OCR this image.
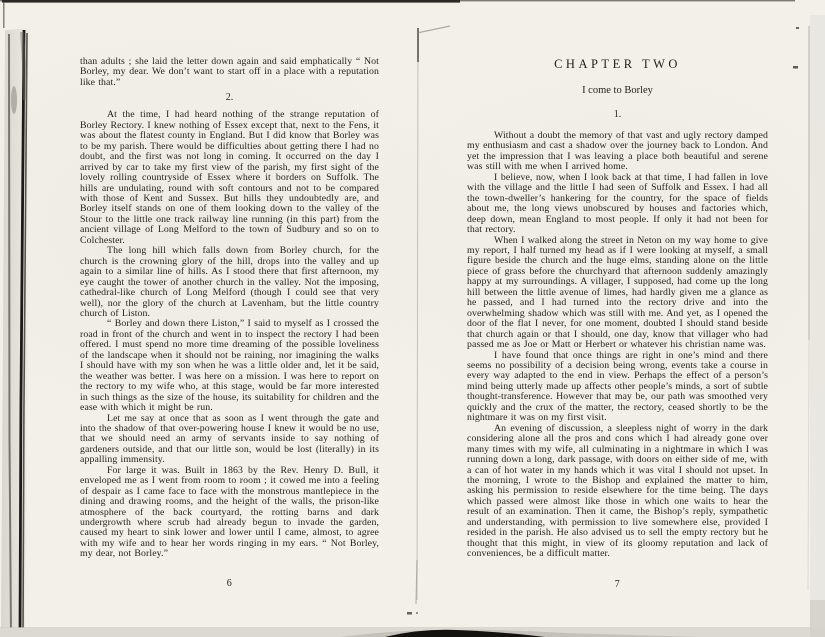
than adults ; she laid the letter down again and said emphatically “ Not Borley, my dear. We don’t want to start off in a place with a reputation like that.”

2.

At the time, I had heard nothing of the strange reputation of Borley Rectory. I knew nothing of Essex except that, next to the Fens, it was about the flatest county in England. But I did know that Borley was to be my parish. There would be difficulties about getting there I had no doubt, and the first was not long in coming. It occurred on the day I arrived by car to take my first view of the parish, my first sight of the lovely rolling countryside of Essex where it borders on Suffolk. The hills are undulating, round with soft contours and not to be compared with those of Kent and Sussex. But hills they undoubtedly are, and Borley itself stands on one of them looking down to the valley of the Stour to the little one track railway line running (in this part) from the ancient village of Long Melford to the town of Sudbury and so on to Colchester.

The long hill which falls down from Borley church, for the church is the crowning glory of the hill, drops into the valley and up again to a similar line of hills. As I stood there that first afternoon, my eye caught the tower of another church in the valley. Not the imposing, cathedral-like church of Long Melford (though I could see that very well), nor the glory of the church at Lavenham, but the little country church of Liston.

“ Borley and down there Liston,” I said to myself as I crossed the road in front of the church and went in to inspect the rectory I had been offered. I must spend no more time dreaming of the possible loveliness of the landscape when it should not be raining, nor imagining the walks I should have with my son when he was a little older and, let it be said, the weather was better. I was here on a mission. I was here to report on the rectory to my wife who, at this stage, would be far more interested in such things as the size of the house, its suitability for children and the ease with which it might be run.

Let me say at once that as soon as I went through the gate and into the shadow of that over-powering house I knew it would be no use, that we should need an army of servants inside to say nothing of gardeners outside, and that our little son, would be lost (literally) in its appalling immensity.

For large it was. Built in 1863 by the Rev. Henry D. Bull, it enveloped me as I went from room to room ; it cowed me into a feeling of despair as I came face to face with the monstrous mantlepiece in the dining and drawing rooms, and the height of the walls, the prison-like atmosphere of the back courtyard, the rotting barns and dark undergrowth where scrub had already begun to invade the garden, caused my heart to sink lower and lower until I came, almost, to agree with my wife and to hear her words ringing in my ears. “ Not Borley, my dear, not Borley.”

6
CHAPTER TWO
I come to Borley
1.

Without a doubt the memory of that vast and ugly rectory damped my enthusiasm and cast a shadow over the journey back to London. And yet the impression that I was leaving a place both beautiful and serene was still with me when I arrived home.

I believe, now, when I look back at that time, I had fallen in love with the village and the little I had seen of Suffolk and Essex. I had all the town-dweller’s hankering for the country, for the space of fields about me, the long views unobscured by houses and factories which, deep down, mean England to most people. If only it had not been for that rectory.

When I walked along the street in Neton on my way home to give my report, I half turned my head as if I were looking at myself, a small figure beside the church and the huge elms, standing alone on the little piece of grass before the churchyard that afternoon suddenly amazingly happy at my surroundings. A villager, I supposed, had come up the long hill between the little avenue of limes, had hardly given me a glance as he passed, and I had turned into the rectory drive and into the overwhelming shadow which was still with me. And yet, as I opened the door of the flat I never, for one moment, doubted I should stand beside that church again or that I should, one day, know that villager who had passed me as Joe or Matt or Herbert or whatever his christian name was.

I have found that once things are right in one’s mind and there seems no possibility of a decision being wrong, events take a course in every way adapted to the end in view. Perhaps the effect of a person’s mind being utterly made up affects other people’s minds, a sort of subtle thought-transference. However that may be, our path was smoothed very quickly and the crux of the matter, the rectory, ceased shortly to be the nightmare it was on my first visit.

An evening of discussion, a sleepless night of worry in the dark considering alone all the pros and cons which I had already gone over many times with my wife, all culminating in a nightmare in which I was running down a long, dark passage, with doors on either side of me, with a can of hot water in my hands which it was vital I should not upset. In the morning, I wrote to the Bishop and explained the matter to him, asking his permission to reside elsewhere for the time being. The days which passed were almost like those in which one waits to hear the result of an examination. Then it came, the Bishop’s reply, sympathetic and understanding, with permission to live somewhere else, provided I resided in the parish. He also advised us to sell the empty rectory but he thought that this might, in view of its gloomy reputation and lack of conveniences, be a difficult matter.

7
